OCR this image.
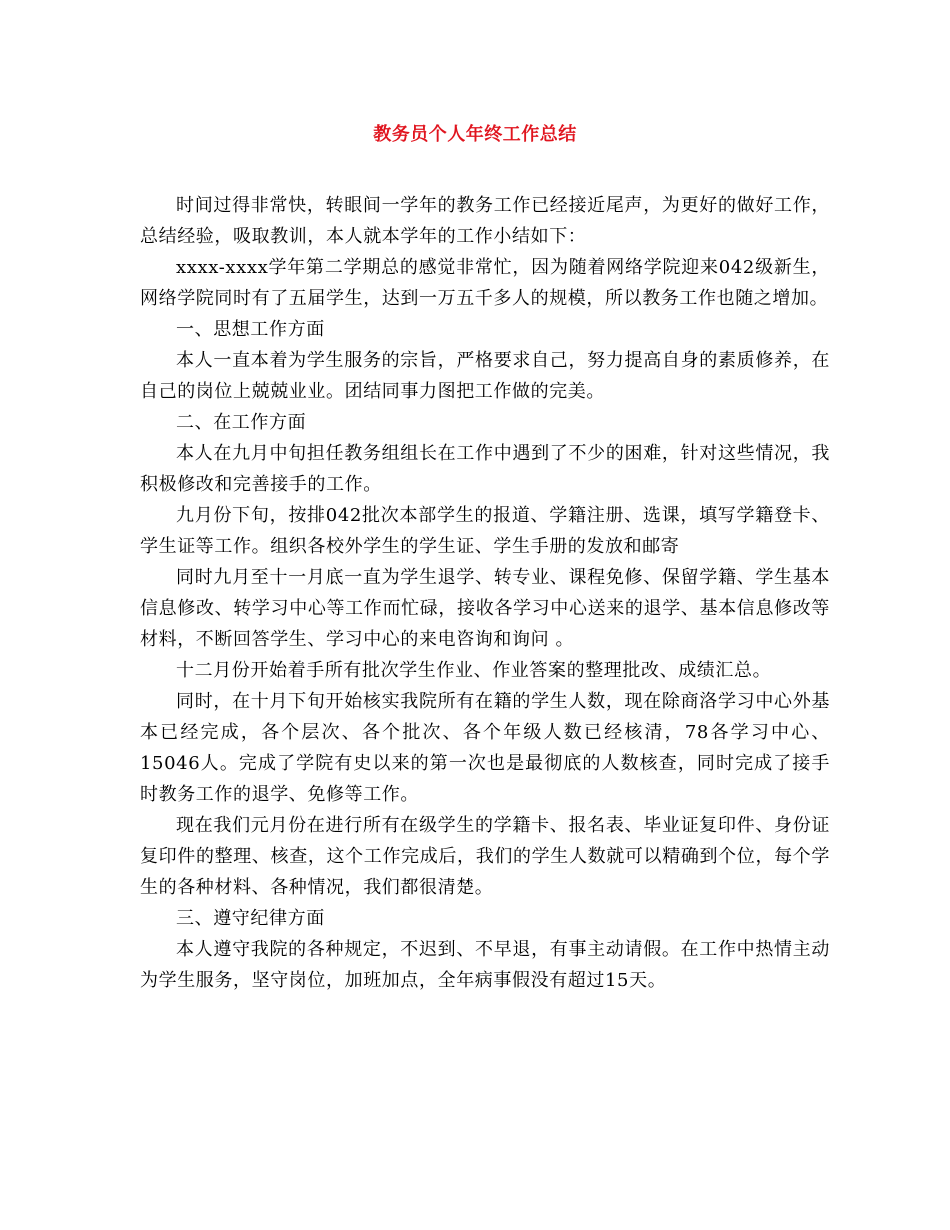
教务员个人年终工作总结

时间过得非常快，转眼间一学年的教务工作已经接近尾声，为更好的做好工作，总结经验，吸取教训，本人就本学年的工作小结如下：

xxxx-xxxx学年第二学期总的感觉非常忙，因为随着网络学院迎来042级新生，网络学院同时有了五届学生，达到一万五千多人的规模，所以教务工作也随之增加。

一、思想工作方面

本人一直本着为学生服务的宗旨，严格要求自己，努力提高自身的素质修养，在自己的岗位上兢兢业业。团结同事力图把工作做的完美。

二、在工作方面

本人在九月中旬担任教务组组长在工作中遇到了不少的困难，针对这些情况，我积极修改和完善接手的工作。

九月份下旬，按排042批次本部学生的报道、学籍注册、选课，填写学籍登卡、学生证等工作。组织各校外学生的学生证、学生手册的发放和邮寄

同时九月至十一月底一直为学生退学、转专业、课程免修、保留学籍、学生基本信息修改、转学习中心等工作而忙碌，接收各学习中心送来的退学、基本信息修改等材料，不断回答学生、学习中心的来电咨询和询问 。

十二月份开始着手所有批次学生作业、作业答案的整理批改、成绩汇总。

同时，在十月下旬开始核实我院所有在籍的学生人数，现在除商洛学习中心外基本已经完成，各个层次、各个批次、各个年级人数已经核清，78各学习中心、15046人。完成了学院有史以来的第一次也是最彻底的人数核查，同时完成了接手时教务工作的退学、免修等工作。

现在我们元月份在进行所有在级学生的学籍卡、报名表、毕业证复印件、身份证复印件的整理、核查，这个工作完成后，我们的学生人数就可以精确到个位，每个学生的各种材料、各种情况，我们都很清楚。

三、遵守纪律方面

本人遵守我院的各种规定，不迟到、不早退，有事主动请假。在工作中热情主动为学生服务，坚守岗位，加班加点，全年病事假没有超过15天。
